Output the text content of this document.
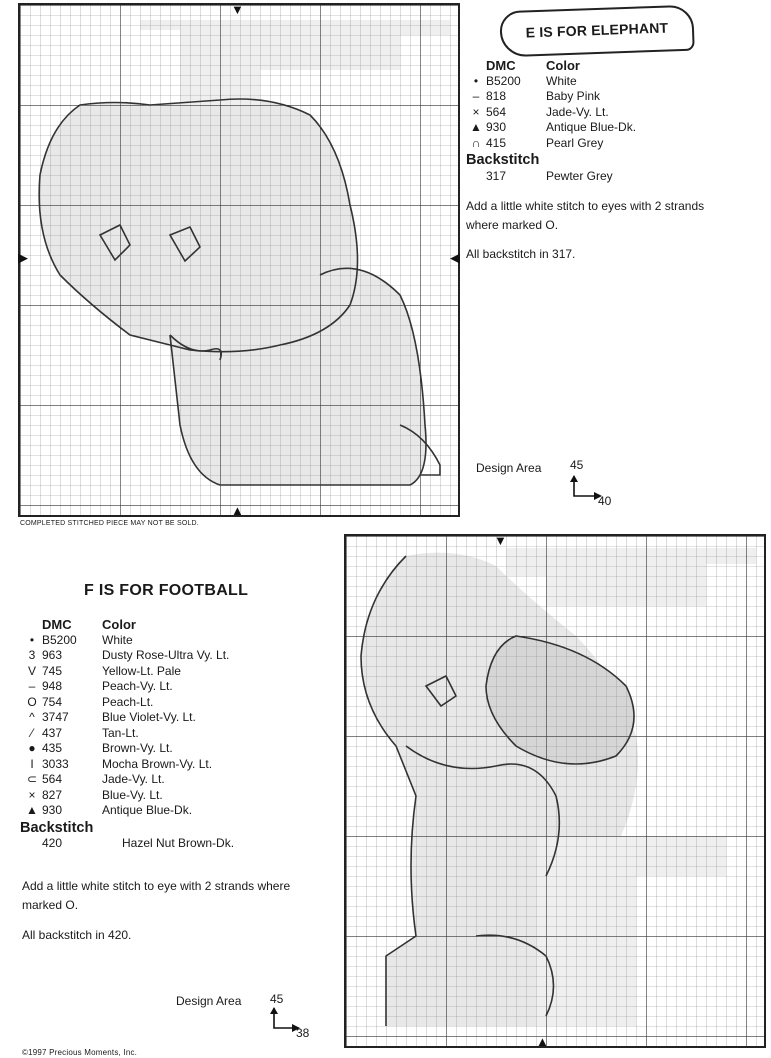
▼
▲
▶	◀
E IS FOR ELEPHANT
DMC	Color
• B5200	White
– 818	Baby Pink
× 564	Jade-Vy. Lt.
▲ 930	Antique Blue-Dk.
∩ 415	Pearl Grey
Backstitch
317	Pewter Grey
Add a little white stitch to eyes with 2 strands where marked O.
All backstitch in 317.
Design Area 45
40
COMPLETED STITCHED PIECE MAY NOT BE SOLD.
▼
▲
F IS FOR FOOTBALL
DMC	Color
• B5200	White
3 963	Dusty Rose-Ultra Vy. Lt.
V 745	Yellow-Lt. Pale
– 948	Peach-Vy. Lt.
O 754	Peach-Lt.
^ 3747	Blue Violet-Vy. Lt.
⁄ 437	Tan-Lt.
● 435	Brown-Vy. Lt.
I 3033	Mocha Brown-Vy. Lt.
⊂ 564	Jade-Vy. Lt.
× 827	Blue-Vy. Lt.
▲ 930	Antique Blue-Dk.
Backstitch
420	Hazel Nut Brown-Dk.
Add a little white stitch to eye with 2 strands where marked O.
All backstitch in 420.
Design Area 45
38
©1997 Precious Moments, Inc.
